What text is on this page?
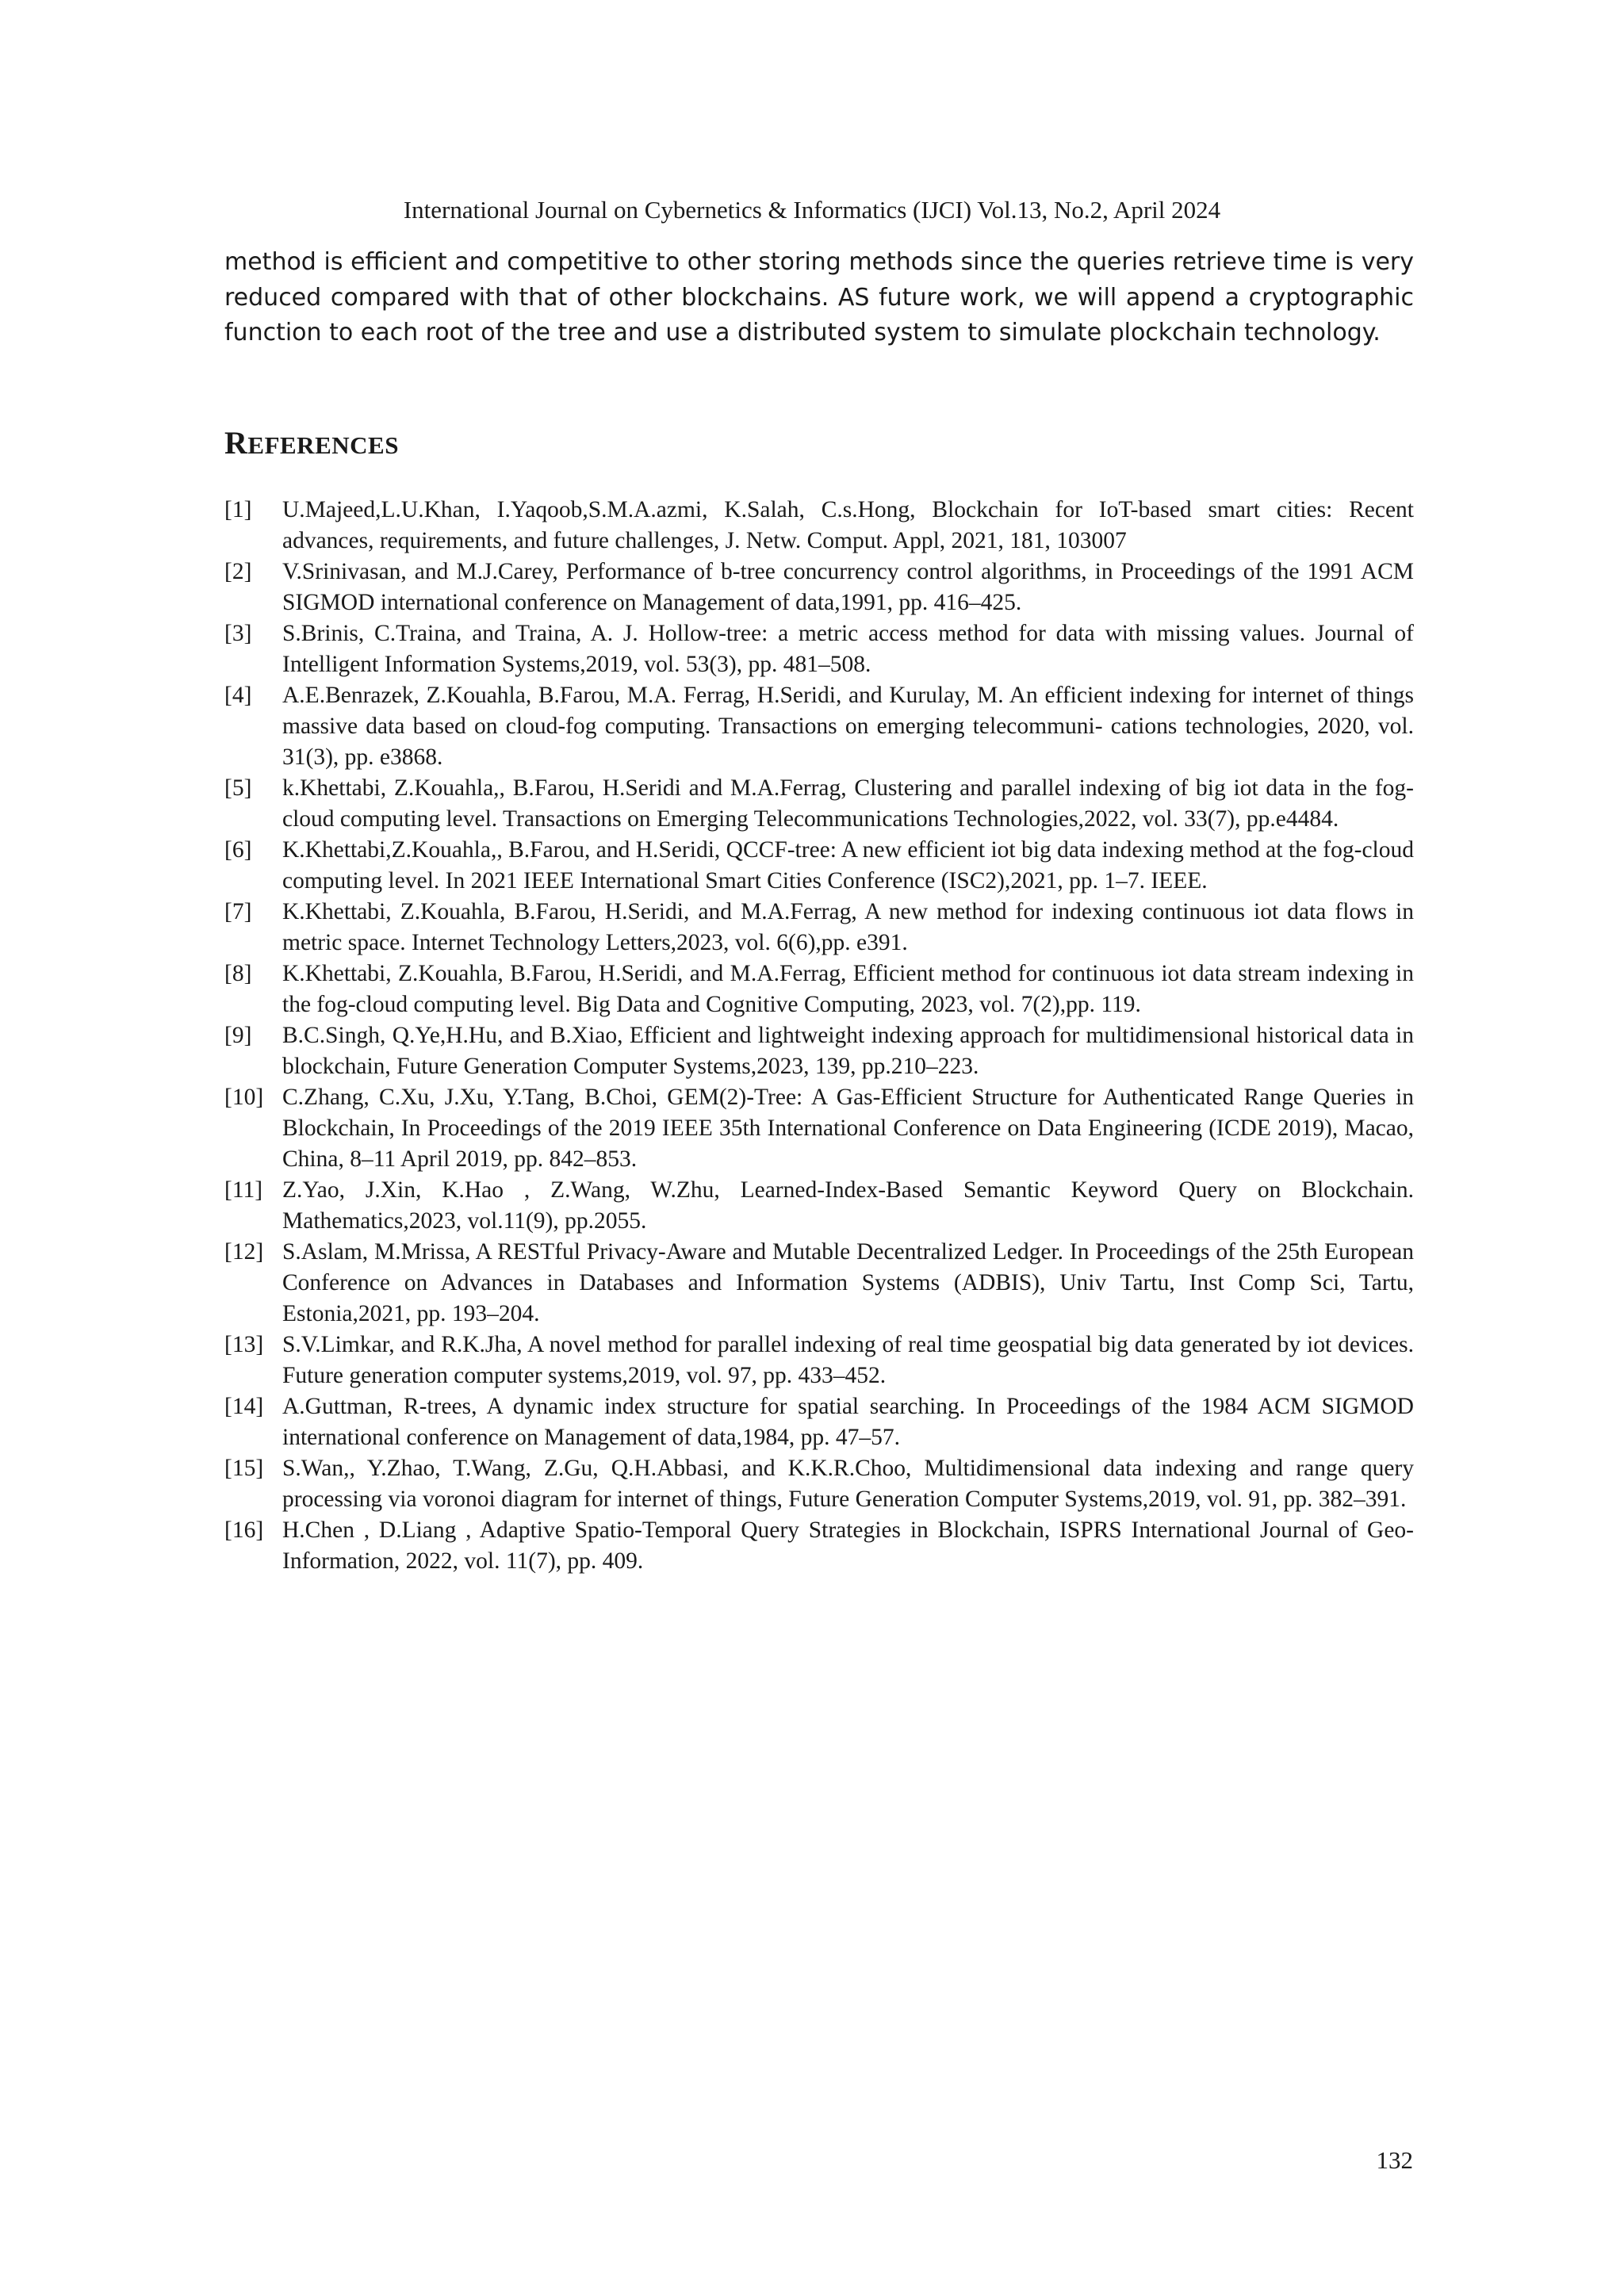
International Journal on Cybernetics & Informatics (IJCI) Vol.13, No.2, April 2024

method is efficient and competitive to other storing methods since the queries retrieve time is very reduced compared with that of other blockchains. AS future work, we will append a cryptographic function to each root of the tree and use a distributed system to simulate plockchain technology.

REFERENCES
[1] U.Majeed,L.U.Khan, I.Yaqoob,S.M.A.azmi, K.Salah, C.s.Hong, Blockchain for IoT-based smart cities: Recent advances, requirements, and future challenges, J. Netw. Comput. Appl, 2021, 181, 103007
[2] V.Srinivasan, and M.J.Carey, Performance of b-tree concurrency control algorithms, in Proceedings of the 1991 ACM SIGMOD international conference on Management of data,1991, pp. 416–425.
[3] S.Brinis, C.Traina, and Traina, A. J. Hollow-tree: a metric access method for data with missing values. Journal of Intelligent Information Systems,2019, vol. 53(3), pp. 481–508.
[4] A.E.Benrazek, Z.Kouahla, B.Farou, M.A. Ferrag, H.Seridi, and Kurulay, M. An efficient indexing for internet of things massive data based on cloud-fog computing. Transactions on emerging telecommuni- cations technologies, 2020, vol. 31(3), pp. e3868.
[5] k.Khettabi, Z.Kouahla,, B.Farou, H.Seridi and M.A.Ferrag, Clustering and parallel indexing of big iot data in the fog-cloud computing level. Transactions on Emerging Telecommunications Technologies,2022, vol. 33(7), pp.e4484.
[6] K.Khettabi,Z.Kouahla,, B.Farou, and H.Seridi, QCCF-tree: A new efficient iot big data indexing method at the fog-cloud computing level. In 2021 IEEE International Smart Cities Conference (ISC2),2021, pp. 1–7. IEEE.
[7] K.Khettabi, Z.Kouahla, B.Farou, H.Seridi, and M.A.Ferrag, A new method for indexing continuous iot data flows in metric space. Internet Technology Letters,2023, vol. 6(6),pp. e391.
[8] K.Khettabi, Z.Kouahla, B.Farou, H.Seridi, and M.A.Ferrag, Efficient method for continuous iot data stream indexing in the fog-cloud computing level. Big Data and Cognitive Computing, 2023, vol. 7(2),pp. 119.
[9] B.C.Singh, Q.Ye,H.Hu, and B.Xiao, Efficient and lightweight indexing approach for multidimensional historical data in blockchain, Future Generation Computer Systems,2023, 139, pp.210–223.
[10] C.Zhang, C.Xu, J.Xu, Y.Tang, B.Choi, GEM(2)-Tree: A Gas-Efficient Structure for Authenticated Range Queries in Blockchain, In Proceedings of the 2019 IEEE 35th International Conference on Data Engineering (ICDE 2019), Macao, China, 8–11 April 2019, pp. 842–853.
[11] Z.Yao, J.Xin, K.Hao , Z.Wang, W.Zhu, Learned-Index-Based Semantic Keyword Query on Blockchain. Mathematics,2023, vol.11(9), pp.2055.
[12] S.Aslam, M.Mrissa, A RESTful Privacy-Aware and Mutable Decentralized Ledger. In Proceedings of the 25th European Conference on Advances in Databases and Information Systems (ADBIS), Univ Tartu, Inst Comp Sci, Tartu, Estonia,2021, pp. 193–204.
[13] S.V.Limkar, and R.K.Jha, A novel method for parallel indexing of real time geospatial big data generated by iot devices. Future generation computer systems,2019, vol. 97, pp. 433–452.
[14] A.Guttman, R-trees, A dynamic index structure for spatial searching. In Proceedings of the 1984 ACM SIGMOD international conference on Management of data,1984, pp. 47–57.
[15] S.Wan,, Y.Zhao, T.Wang, Z.Gu, Q.H.Abbasi, and K.K.R.Choo, Multidimensional data indexing and range query processing via voronoi diagram for internet of things, Future Generation Computer Systems,2019, vol. 91, pp. 382–391.
[16] H.Chen , D.Liang , Adaptive Spatio-Temporal Query Strategies in Blockchain, ISPRS International Journal of Geo-Information, 2022, vol. 11(7), pp. 409.
132
